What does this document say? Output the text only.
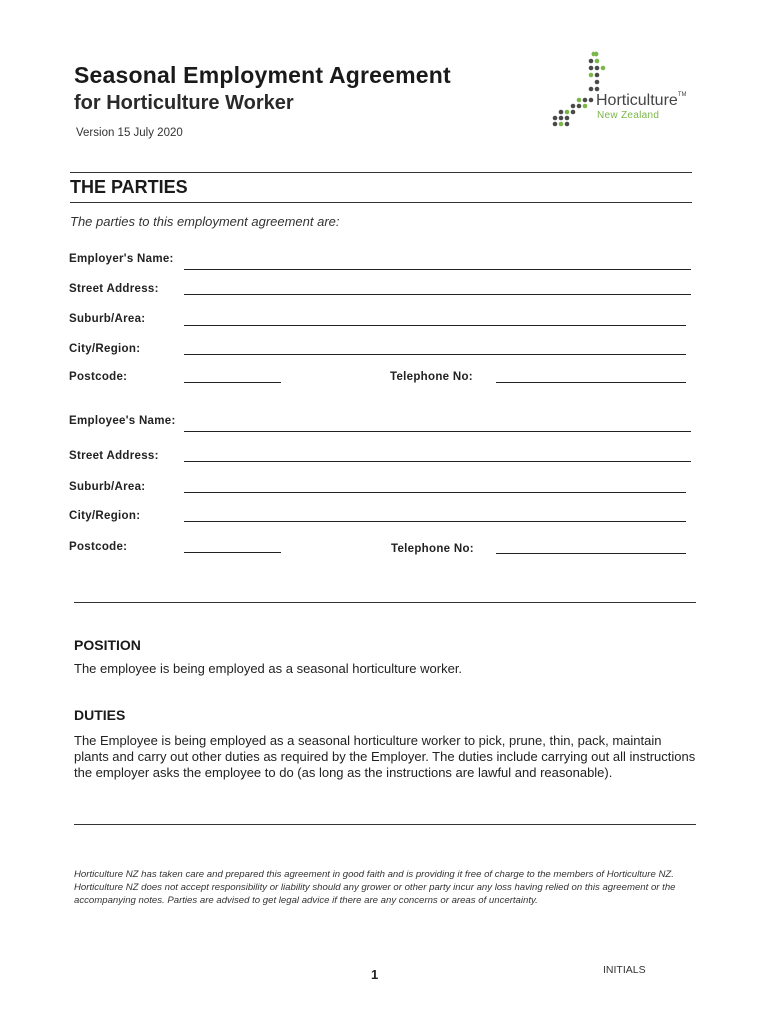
Seasonal Employment Agreement
for Horticulture Worker
Version 15 July 2020
Horticulture™
New Zealand
THE PARTIES
The parties to this employment agreement are:
Employer's Name:
Street Address:
Suburb/Area:
City/Region:
Postcode:	Telephone No:
Employee's Name:
Street Address:
Suburb/Area:
City/Region:
Postcode:	Telephone No:
POSITION
The employee is being employed as a seasonal horticulture worker.
DUTIES
The Employee is being employed as a seasonal horticulture worker to pick, prune, thin, pack, maintain plants and carry out other duties as required by the Employer. The duties include carrying out all instructions the employer asks the employee to do (as long as the instructions are lawful and reasonable).
Horticulture NZ has taken care and prepared this agreement in good faith and is providing it free of charge to the members of Horticulture NZ. Horticulture NZ does not accept responsibility or liability should any grower or other party incur any loss having relied on this agreement or the accompanying notes. Parties are advised to get legal advice if there are any concerns or areas of uncertainty.
1	INITIALS
